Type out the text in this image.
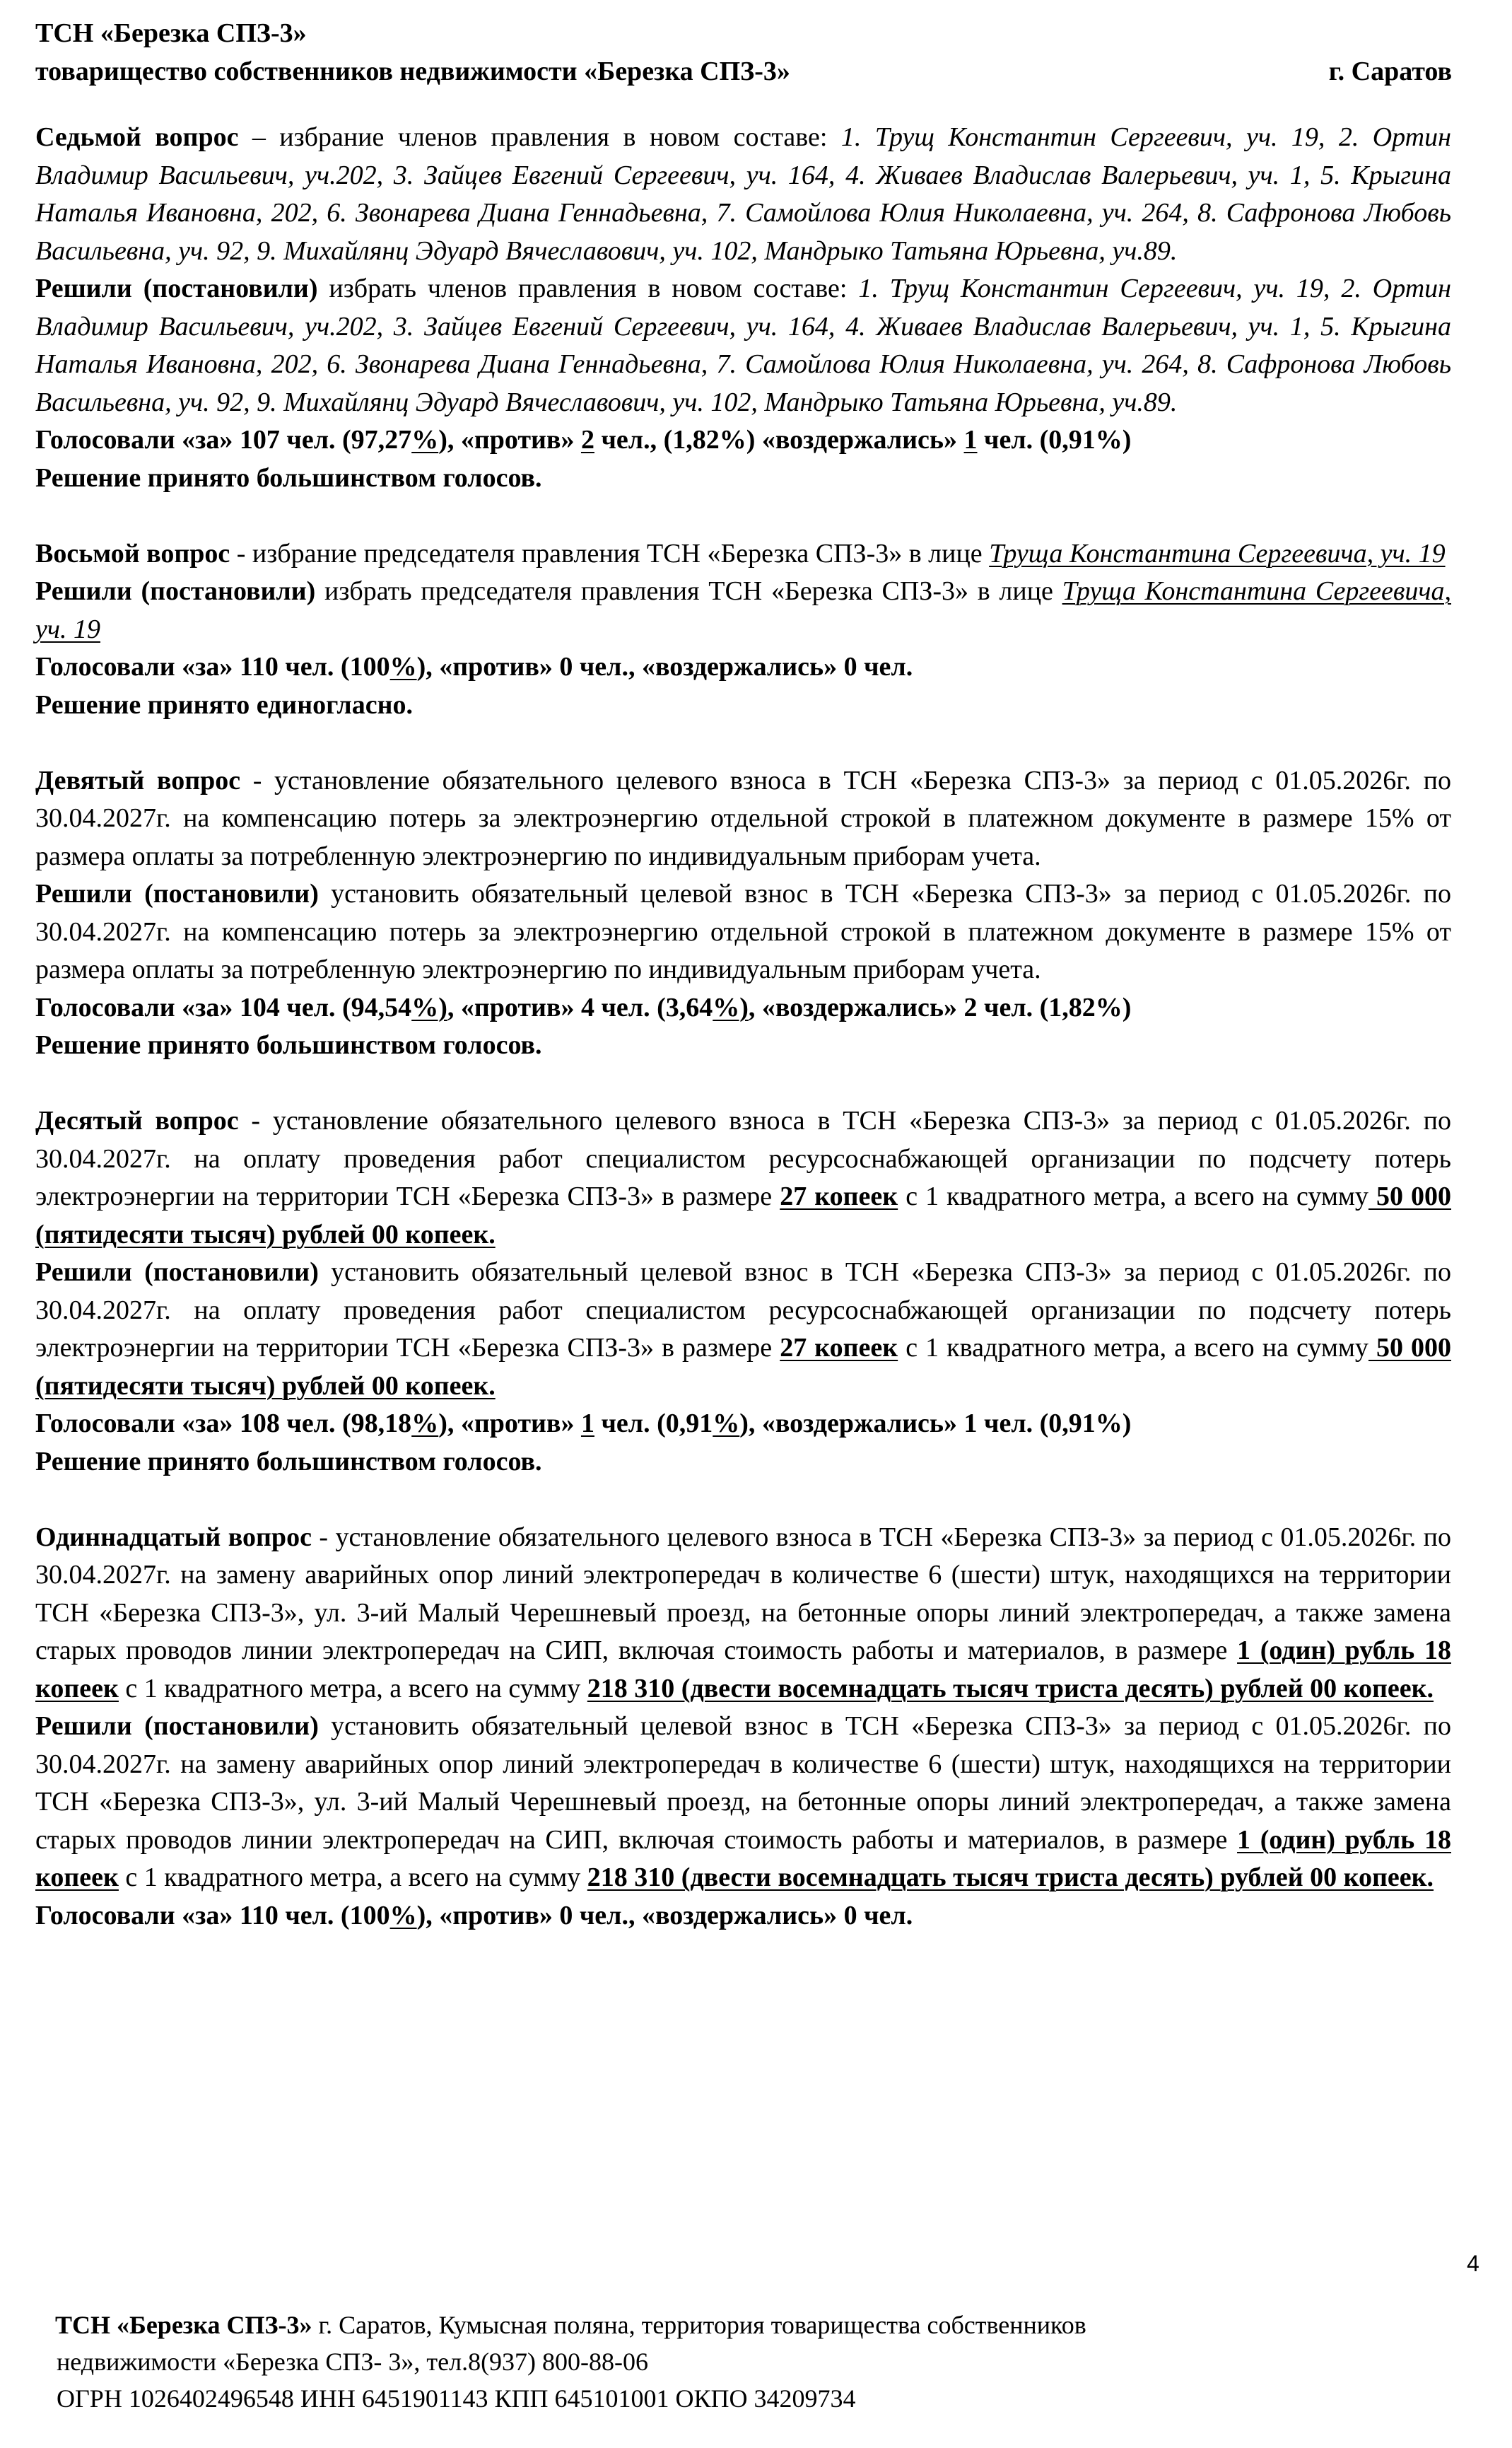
ТСН «Березка СПЗ-3»
товарищество собственников недвижимости «Березка СПЗ-3»	г. Саратов

Седьмой вопрос – избрание членов правления в новом составе: 1. Трущ Константин Сергеевич, уч. 19, 2. Ортин Владимир Васильевич, уч.202, 3. Зайцев Евгений Сергеевич, уч. 164, 4. Живаев Владислав Валерьевич, уч. 1, 5. Крыгина Наталья Ивановна, 202, 6. Звонарева Диана Геннадьевна, 7. Самойлова Юлия Николаевна, уч. 264, 8. Сафронова Любовь Васильевна, уч. 92, 9. Михайлянц Эдуард Вячеславович, уч. 102, Мандрыко Татьяна Юрьевна, уч.89.

Решили (постановили) избрать членов правления в новом составе: 1. Трущ Константин Сергеевич, уч. 19, 2. Ортин Владимир Васильевич, уч.202, 3. Зайцев Евгений Сергеевич, уч. 164, 4. Живаев Владислав Валерьевич, уч. 1, 5. Крыгина Наталья Ивановна, 202, 6. Звонарева Диана Геннадьевна, 7. Самойлова Юлия Николаевна, уч. 264, 8. Сафронова Любовь Васильевна, уч. 92, 9. Михайлянц Эдуард Вячеславович, уч. 102, Мандрыко Татьяна Юрьевна, уч.89.

Голосовали «за» 107 чел. (97,27%), «против» 2 чел., (1,82%) «воздержались» 1 чел. (0,91%)

Решение принято большинством голосов.

Восьмой вопрос - избрание председателя правления ТСН «Березка СПЗ-3» в лице Труща Константина Сергеевича, уч. 19

Решили (постановили) избрать председателя правления ТСН «Березка СПЗ-3» в лице Труща Константина Сергеевича, уч. 19

Голосовали «за» 110 чел. (100%), «против» 0 чел., «воздержались» 0 чел.

Решение принято единогласно.

Девятый вопрос - установление обязательного целевого взноса в ТСН «Березка СПЗ-3» за период с 01.05.2026г. по 30.04.2027г. на компенсацию потерь за электроэнергию отдельной строкой в платежном документе в размере 15% от размера оплаты за потребленную электроэнергию по индивидуальным приборам учета.

Решили (постановили) установить обязательный целевой взнос в ТСН «Березка СПЗ-3» за период с 01.05.2026г. по 30.04.2027г. на компенсацию потерь за электроэнергию отдельной строкой в платежном документе в размере 15% от размера оплаты за потребленную электроэнергию по индивидуальным приборам учета.

Голосовали «за» 104 чел. (94,54%), «против» 4 чел. (3,64%), «воздержались» 2 чел. (1,82%)

Решение принято большинством голосов.

Десятый вопрос - установление обязательного целевого взноса в ТСН «Березка СПЗ-3» за период с 01.05.2026г. по 30.04.2027г. на оплату проведения работ специалистом ресурсоснабжающей организации по подсчету потерь электроэнергии на территории ТСН «Березка СПЗ-3» в размере 27 копеек с 1 квадратного метра, а всего на сумму 50 000 (пятидесяти тысяч) рублей 00 копеек.

Решили (постановили) установить обязательный целевой взнос в ТСН «Березка СПЗ-3» за период с 01.05.2026г. по 30.04.2027г. на оплату проведения работ специалистом ресурсоснабжающей организации по подсчету потерь электроэнергии на территории ТСН «Березка СПЗ-3» в размере 27 копеек с 1 квадратного метра, а всего на сумму 50 000 (пятидесяти тысяч) рублей 00 копеек.

Голосовали «за» 108 чел. (98,18%), «против» 1 чел. (0,91%), «воздержались» 1 чел. (0,91%)

Решение принято большинством голосов.

Одиннадцатый вопрос - установление обязательного целевого взноса в ТСН «Березка СПЗ-3» за период с 01.05.2026г. по 30.04.2027г. на замену аварийных опор линий электропередач в количестве 6 (шести) штук, находящихся на территории ТСН «Березка СПЗ-3», ул. 3-ий Малый Черешневый проезд, на бетонные опоры линий электропередач, а также замена старых проводов линии электропередач на СИП, включая стоимость работы и материалов, в размере 1 (один) рубль 18 копеек с 1 квадратного метра, а всего на сумму 218 310 (двести восемнадцать тысяч триста десять) рублей 00 копеек.

Решили (постановили) установить обязательный целевой взнос в ТСН «Березка СПЗ-3» за период с 01.05.2026г. по 30.04.2027г. на замену аварийных опор линий электропередач в количестве 6 (шести) штук, находящихся на территории ТСН «Березка СПЗ-3», ул. 3-ий Малый Черешневый проезд, на бетонные опоры линий электропередач, а также замена старых проводов линии электропередач на СИП, включая стоимость работы и материалов, в размере 1 (один) рубль 18 копеек с 1 квадратного метра, а всего на сумму 218 310 (двести восемнадцать тысяч триста десять) рублей 00 копеек.

Голосовали «за» 110 чел. (100%), «против» 0 чел., «воздержались» 0 чел.

4
ТСН «Березка СПЗ-3» г. Саратов, Кумысная поляна, территория товарищества собственников
недвижимости «Березка СПЗ- 3», тел.8(937) 800-88-06
ОГРН 1026402496548 ИНН 6451901143 КПП 645101001 ОКПО 34209734
